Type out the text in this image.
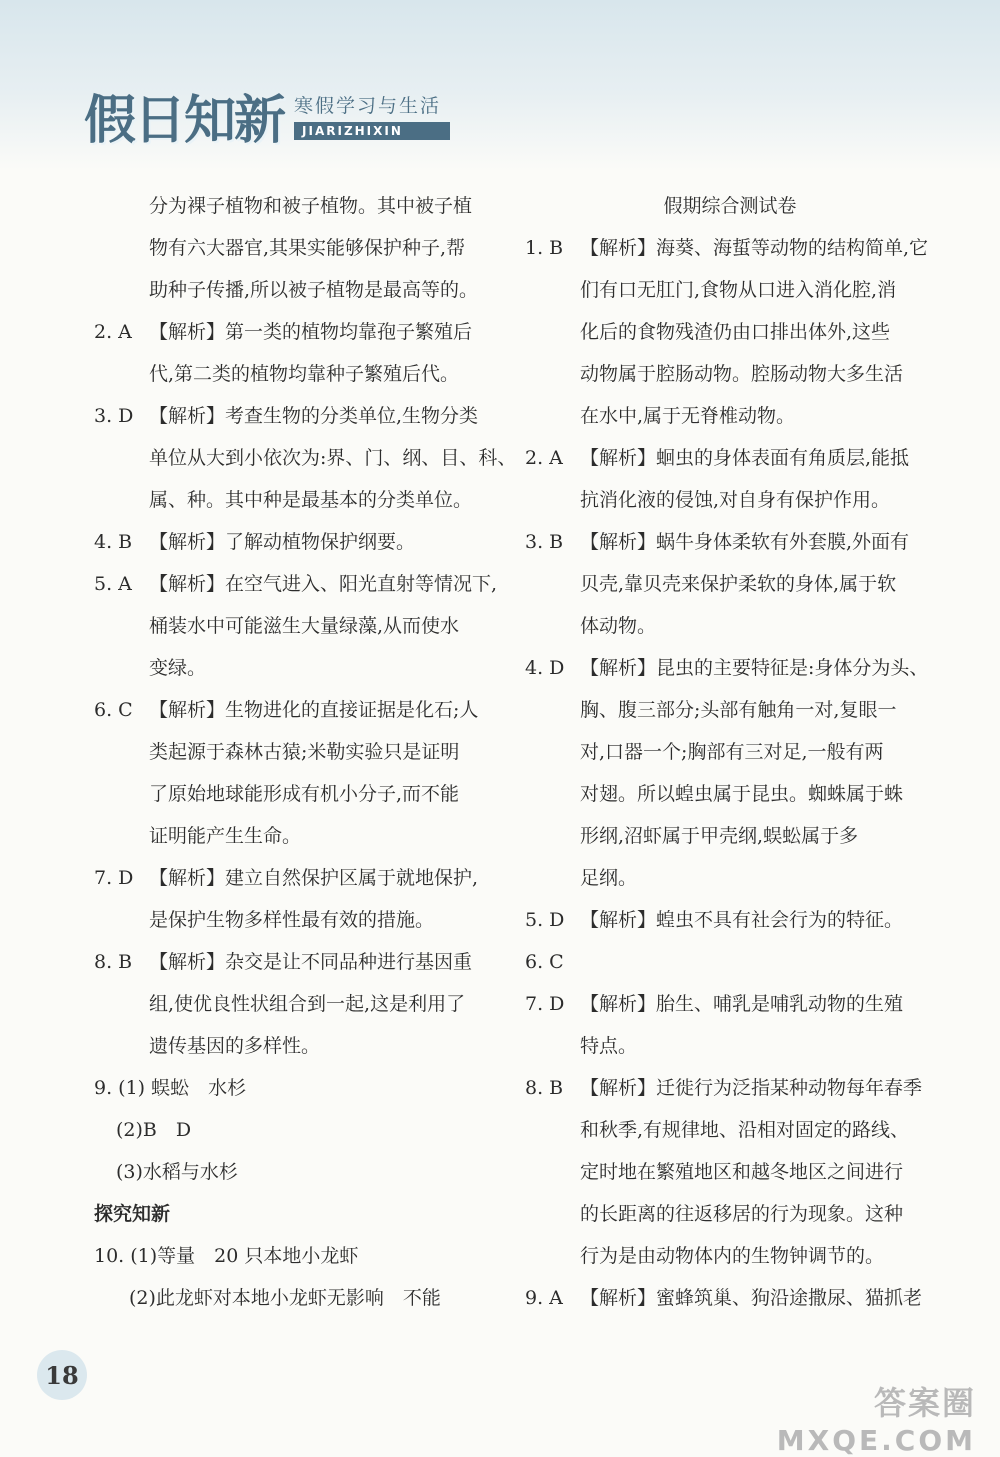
假日知新 寒假学习与生活
JIARIZHIXIN
分为裸子植物和被子植物。其中被子植
物有六大器官,其果实能够保护种子,帮
助种子传播,所以被子植物是最高等的。
2. A 【解析】第一类的植物均靠孢子繁殖后
代,第二类的植物均靠种子繁殖后代。
3. D 【解析】考查生物的分类单位,生物分类
单位从大到小依次为:界、门、纲、目、科、
属、种。其中种是最基本的分类单位。
4. B 【解析】了解动植物保护纲要。
5. A 【解析】在空气进入、阳光直射等情况下,
桶装水中可能滋生大量绿藻,从而使水
变绿。
6. C 【解析】生物进化的直接证据是化石;人
类起源于森林古猿;米勒实验只是证明
了原始地球能形成有机小分子,而不能
证明能产生生命。
7. D 【解析】建立自然保护区属于就地保护,
是保护生物多样性最有效的措施。
8. B 【解析】杂交是让不同品种进行基因重
组,使优良性状组合到一起,这是利用了
遗传基因的多样性。
9. (1) 蜈蚣　水杉
(2)B　D
(3)水稻与水杉
探究知新
10. (1)等量　20 只本地小龙虾
(2)此龙虾对本地小龙虾无影响　不能
假期综合测试卷
1. B 【解析】海葵、海蜇等动物的结构简单,它
们有口无肛门,食物从口进入消化腔,消
化后的食物残渣仍由口排出体外,这些
动物属于腔肠动物。腔肠动物大多生活
在水中,属于无脊椎动物。
2. A 【解析】蛔虫的身体表面有角质层,能抵
抗消化液的侵蚀,对自身有保护作用。
3. B 【解析】蜗牛身体柔软有外套膜,外面有
贝壳,靠贝壳来保护柔软的身体,属于软
体动物。
4. D 【解析】昆虫的主要特征是:身体分为头、
胸、腹三部分;头部有触角一对,复眼一
对,口器一个;胸部有三对足,一般有两
对翅。所以蝗虫属于昆虫。蜘蛛属于蛛
形纲,沼虾属于甲壳纲,蜈蚣属于多
足纲。
5. D 【解析】蝗虫不具有社会行为的特征。
6. C
7. D 【解析】胎生、哺乳是哺乳动物的生殖
特点。
8. B 【解析】迁徙行为泛指某种动物每年春季
和秋季,有规律地、沿相对固定的路线、
定时地在繁殖地区和越冬地区之间进行
的长距离的往返移居的行为现象。这种
行为是由动物体内的生物钟调节的。
9. A 【解析】蜜蜂筑巢、狗沿途撒尿、猫抓老
18
答案圈
MXQE.COM
